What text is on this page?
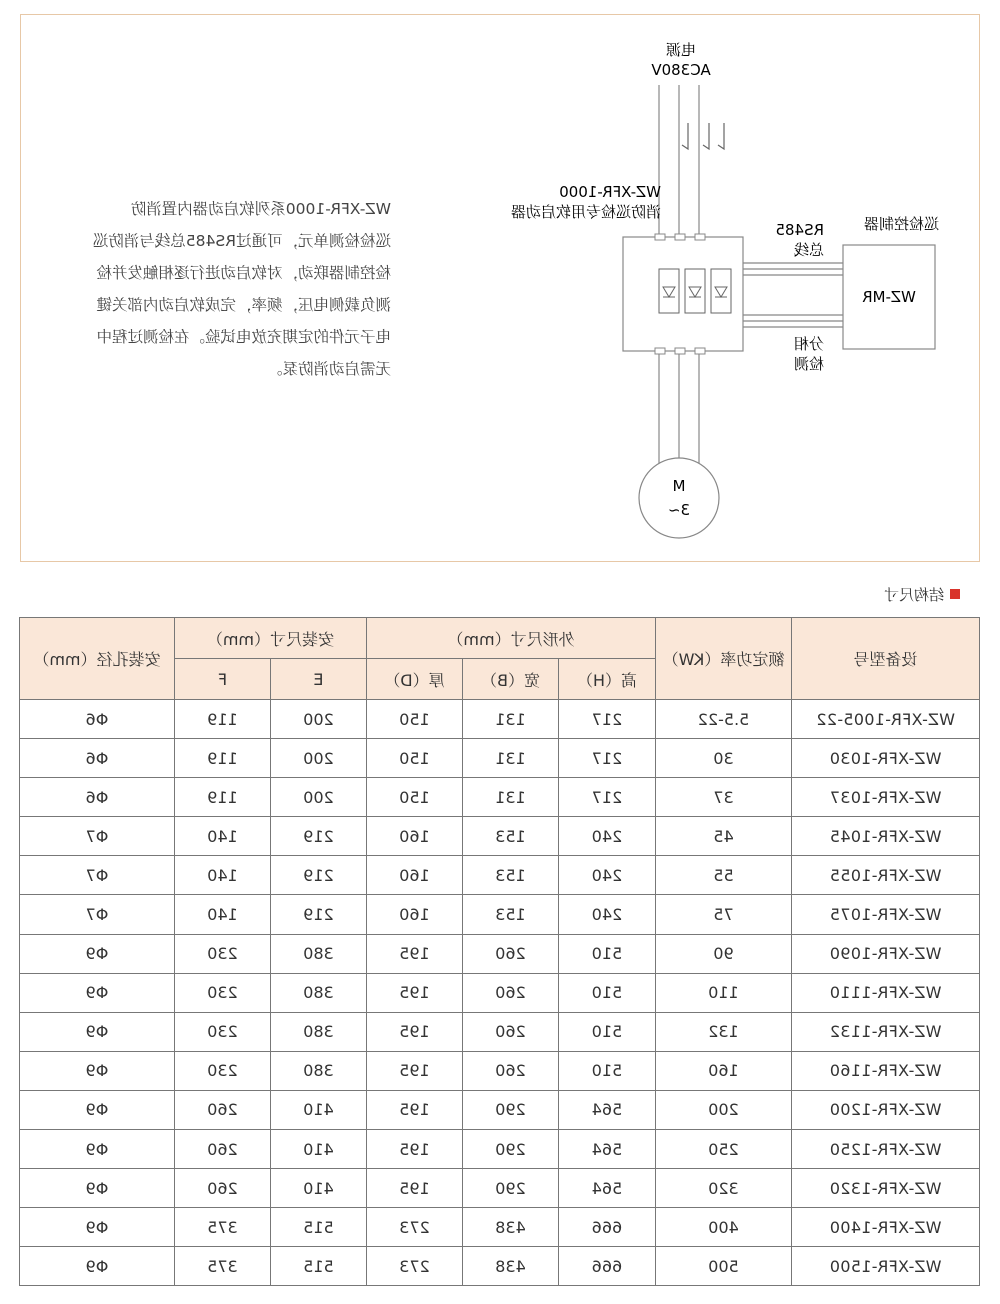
WZ-XFR-1000系列软启动器内置消防

巡检检测单元，可通过RS485总线与消防巡

检控制器联动，对软启动进行逐相触发并检

测负载侧电压，频率，完成软启动内部关键

电子元件的定期充放电试验。在检测过程中

无需启动消防泵。

电源
AC380V
WZ-XFR-1000
消防巡检专用软启动器
RS485
总线
巡检控制器
WZ-MR
分相
检测
M
3~
结构尺寸
设备型号	额定功率（KW）	外形尺寸（mm）			安装尺寸（mm）		安装孔径（mm）
		高（H）	宽（B）	厚（D）	E	F	
WZ-XFR-1005-22	5.5-22	217	131	150	200	119	Φ6
WZ-XFR-1030	30	217	131	150	200	119	Φ6
WZ-XFR-1037	37	217	131	150	200	119	Φ6
WZ-XFR-1045	45	240	153	160	219	140	Φ7
WZ-XFR-1055	55	240	153	160	219	140	Φ7
WZ-XFR-1075	75	240	153	160	219	140	Φ7
WZ-XFR-1090	90	510	260	195	380	230	Φ9
WZ-XFR-1110	110	510	260	195	380	230	Φ9
WZ-XFR-1132	132	510	260	195	380	230	Φ9
WZ-XFR-1160	160	510	260	195	380	230	Φ9
WZ-XFR-1200	200	564	290	195	410	260	Φ9
WZ-XFR-1250	250	564	290	195	410	260	Φ9
WZ-XFR-1320	320	564	290	195	410	260	Φ9
WZ-XFR-1400	400	666	438	273	515	375	Φ9
WZ-XFR-1500	500	666	438	273	515	375	Φ9
